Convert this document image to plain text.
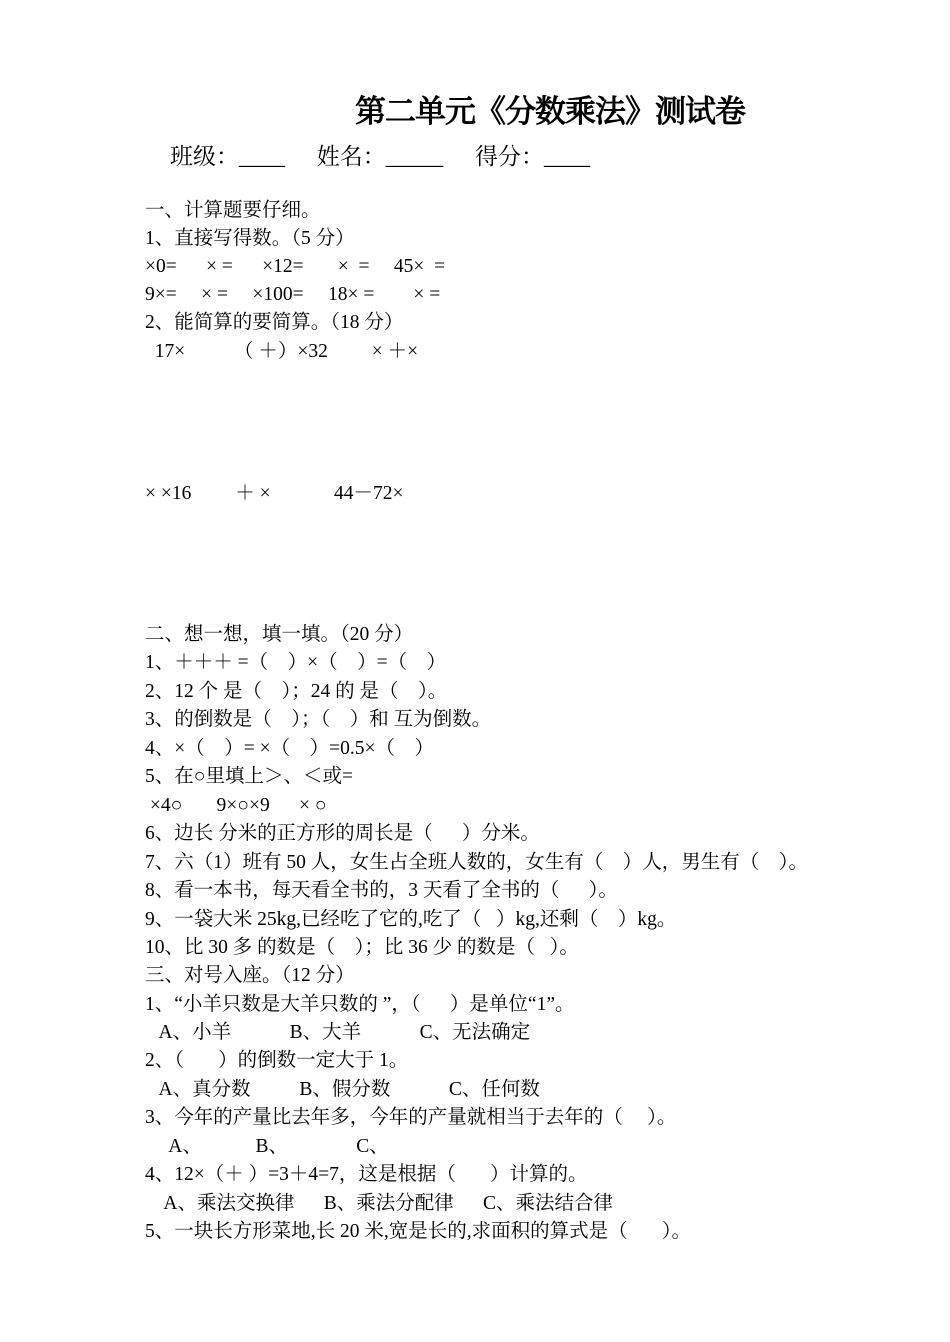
第二单元《分数乘法》测试卷
班级：____ 姓名：_____ 得分：____
一、计算题要仔细。
1、直接写得数。（5 分）
×0=      × =      ×12=       ×  =     45×  =
9×=     × =     ×100=     18× =        × =
2、能简算的要简算。（18 分）
17×          （ ＋）×32         × ＋×
× ×16         ＋ ×             44－72×
二、想一想，填一填。（20 分）
1、＋＋＋ =（    ）×（    ）=（    ）
2、12 个 是（    ）；24 的 是（    ）。
3、的倒数是（    ）；（    ）和 互为倒数。
4、×（    ）= ×（    ）=0.5×（    ）
5、在○里填上＞、＜或=
×4○       9×○×9      × ○
6、边长 分米的正方形的周长是（      ）分米。
7、六（1）班有 50 人，女生占全班人数的，女生有（    ）人，男生有（    ）。
8、看一本书，每天看全书的，3 天看了全书的（      ）。
9、一袋大米 25kg,已经吃了它的,吃了（   ）kg,还剩（    ）kg。
10、比 30 多 的数是（    ）；比 36 少 的数是（   ）。
三、对号入座。（12 分）
1、“小羊只数是大羊只数的 ”，（      ）是单位“1”。
A、小羊            B、大羊            C、无法确定
2、（       ）的倒数一定大于 1。
A、真分数          B、假分数            C、任何数
3、今年的产量比去年多，今年的产量就相当于去年的（     ）。
A、           B、              C、
4、12×（＋ ）=3＋4=7，这是根据（       ）计算的。
A、乘法交换律      B、乘法分配律      C、乘法结合律
5、一块长方形菜地,长 20 米,宽是长的,求面积的算式是（       ）。
